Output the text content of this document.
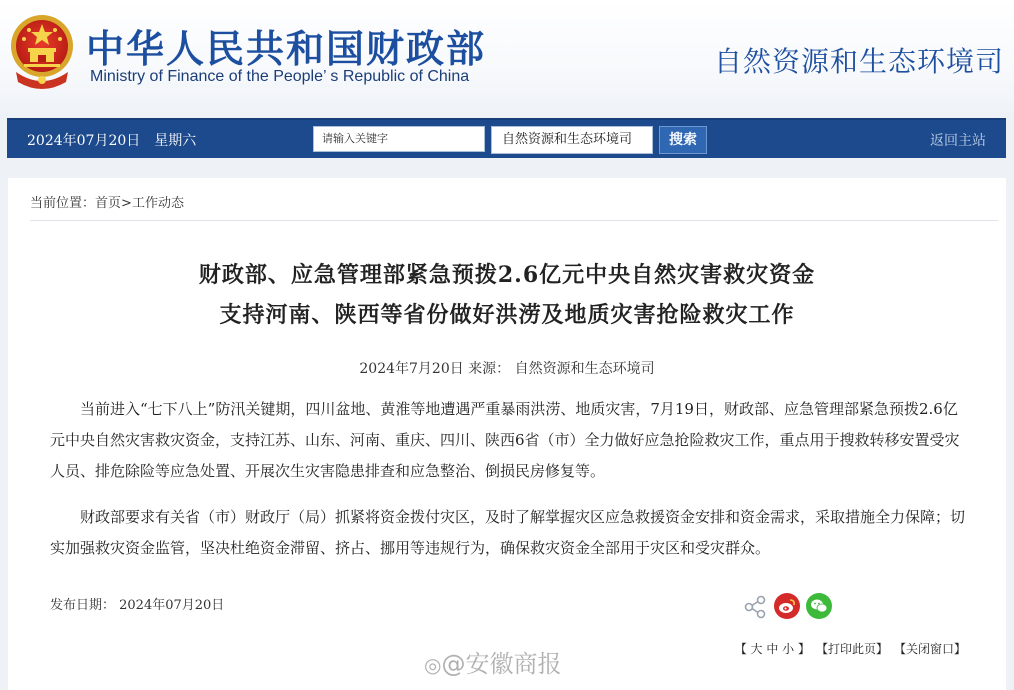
中华人民共和国财政部
Ministry of Finance of the People’ s Republic of China	自然资源和生态环境司
2024年07月20日 星期六	请输入关键字	自然资源和生态环境司	搜索	返回主站
当前位置：首页>工作动态
财政部、应急管理部紧急预拨2.6亿元中央自然灾害救灾资金
支持河南、陕西等省份做好洪涝及地质灾害抢险救灾工作
2024年7月20日 来源： 自然资源和生态环境司

当前进入“七下八上”防汛关键期，四川盆地、黄淮等地遭遇严重暴雨洪涝、地质灾害，7月19日，财政部、应急管理部紧急预拨2.6亿元中央自然灾害救灾资金，支持江苏、山东、河南、重庆、四川、陕西6省（市）全力做好应急抢险救灾工作，重点用于搜救转移安置受灾人员、排危除险等应急处置、开展次生灾害隐患排查和应急整治、倒损民房修复等。

财政部要求有关省（市）财政厅（局）抓紧将资金拨付灾区，及时了解掌握灾区应急救援资金安排和资金需求，采取措施全力保障；切实加强救灾资金监管，坚决杜绝资金滞留、挤占、挪用等违规行为，确保救灾资金全部用于灾区和受灾群众。

发布日期： 2024年07月20日
◎@安徽商报
【 大 中 小 】 【打印此页】 【关闭窗口】
